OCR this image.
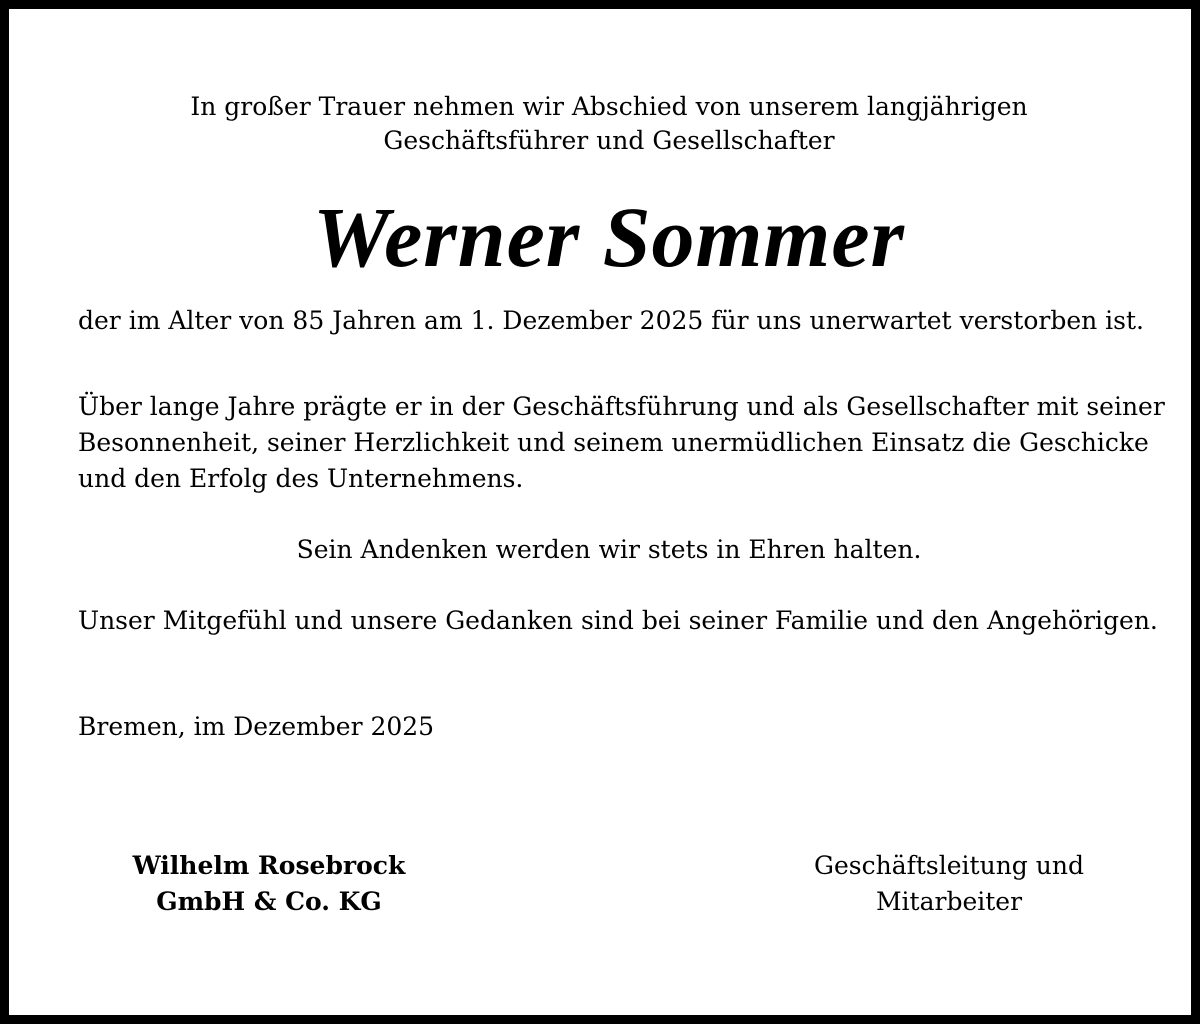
In großer Trauer nehmen wir Abschied von unserem langjährigen
Geschäftsführer und Gesellschafter
Werner Sommer
der im Alter von 85 Jahren am 1. Dezember 2025 für uns unerwartet verstorben ist.
Über lange Jahre prägte er in der Geschäftsführung und als Gesellschafter mit seiner
Besonnenheit, seiner Herzlichkeit und seinem unermüdlichen Einsatz die Geschicke
und den Erfolg des Unternehmens.
Sein Andenken werden wir stets in Ehren halten.
Unser Mitgefühl und unsere Gedanken sind bei seiner Familie und den Angehörigen.
Bremen, im Dezember 2025
Wilhelm Rosebrock
GmbH & Co. KG
Geschäftsleitung und
Mitarbeiter
